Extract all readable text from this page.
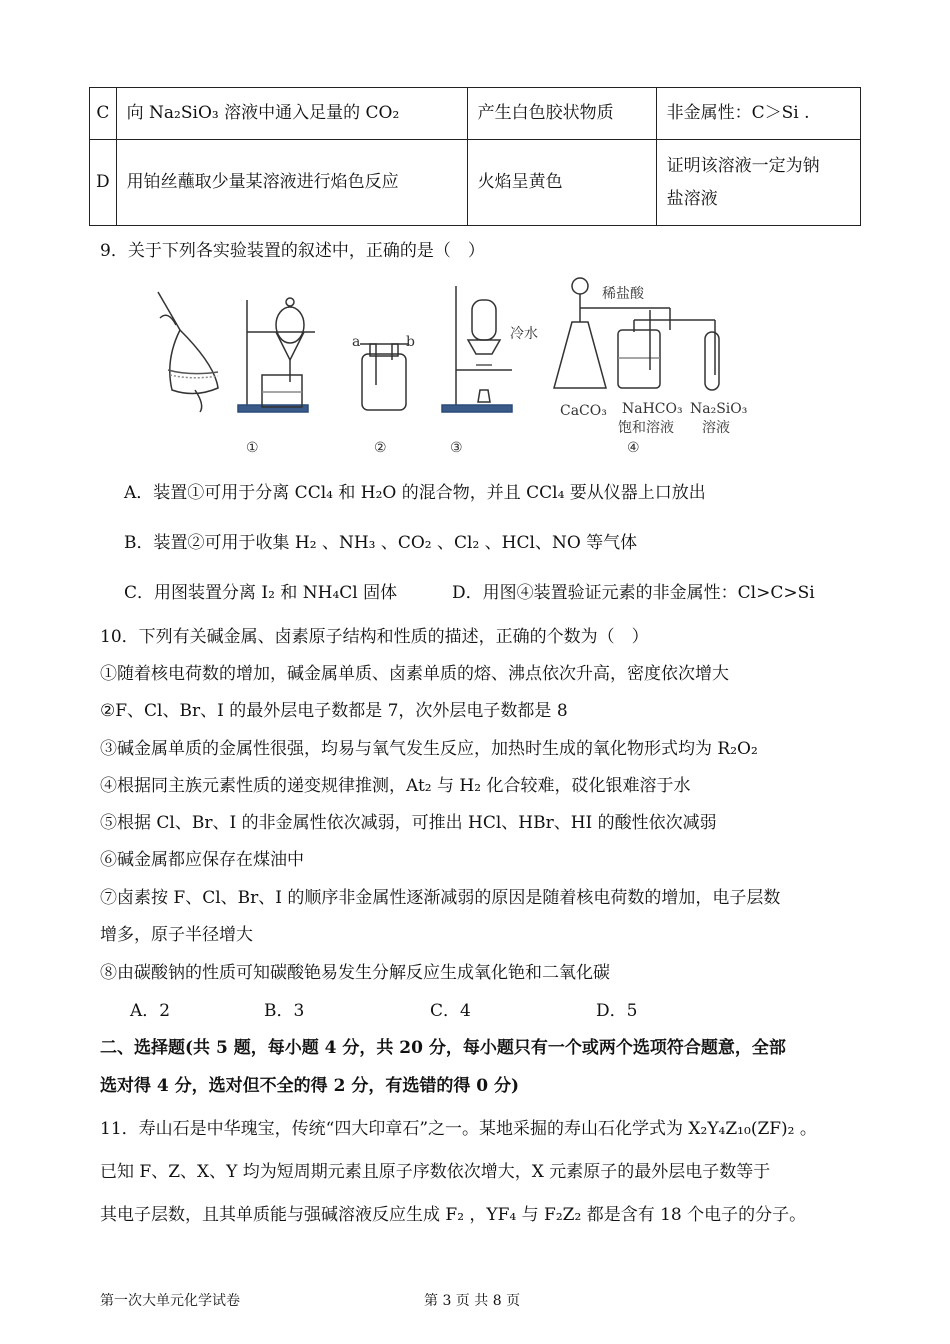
C	向 Na₂SiO₃ 溶液中通入足量的 CO₂	产生白色胶状物质	非金属性：C＞Si .
D	用铂丝蘸取少量某溶液进行焰色反应	火焰呈黄色	证明该溶液一定为钠
盐溶液
9．关于下列各实验装置的叙述中，正确的是（　）
稀盐酸
冷水
a	b
CaCO₃ NaHCO₃
饱和溶液
Na₂SiO₃
溶液
①	②	③	④
A．装置①可用于分离 CCl₄ 和 H₂O 的混合物，并且 CCl₄ 要从仪器上口放出
B．装置②可用于收集 H₂ 、NH₃ 、CO₂ 、Cl₂ 、HCl、NO 等气体
C．用图装置分离 I₂ 和 NH₄Cl 固体	D．用图④装置验证元素的非金属性：Cl>C>Si
10．下列有关碱金属、卤素原子结构和性质的描述，正确的个数为（　）
①随着核电荷数的增加，碱金属单质、卤素单质的熔、沸点依次升高，密度依次增大
②F、Cl、Br、I 的最外层电子数都是 7，次外层电子数都是 8
③碱金属单质的金属性很强，均易与氧气发生反应，加热时生成的氧化物形式均为 R₂O₂
④根据同主族元素性质的递变规律推测，At₂ 与 H₂ 化合较难，砹化银难溶于水
⑤根据 Cl、Br、I 的非金属性依次减弱，可推出 HCl、HBr、HI 的酸性依次减弱
⑥碱金属都应保存在煤油中
⑦卤素按 F、Cl、Br、I 的顺序非金属性逐渐减弱的原因是随着核电荷数的增加，电子层数
增多，原子半径增大
⑧由碳酸钠的性质可知碳酸铯易发生分解反应生成氧化铯和二氧化碳
A．2	B．3	C．4	D．5
二、选择题(共 5 题，每小题 4 分，共 20 分，每小题只有一个或两个选项符合题意，全部
选对得 4 分，选对但不全的得 2 分，有选错的得 0 分)
11．寿山石是中华瑰宝，传统“四大印章石”之一。某地采掘的寿山石化学式为 X₂Y₄Z₁₀(ZF)₂ 。
已知 F、Z、X、Y 均为短周期元素且原子序数依次增大，X 元素原子的最外层电子数等于
其电子层数，且其单质能与强碱溶液反应生成 F₂ ，YF₄ 与 F₂Z₂ 都是含有 18 个电子的分子。
第一次大单元化学试卷	第 3 页 共 8 页
